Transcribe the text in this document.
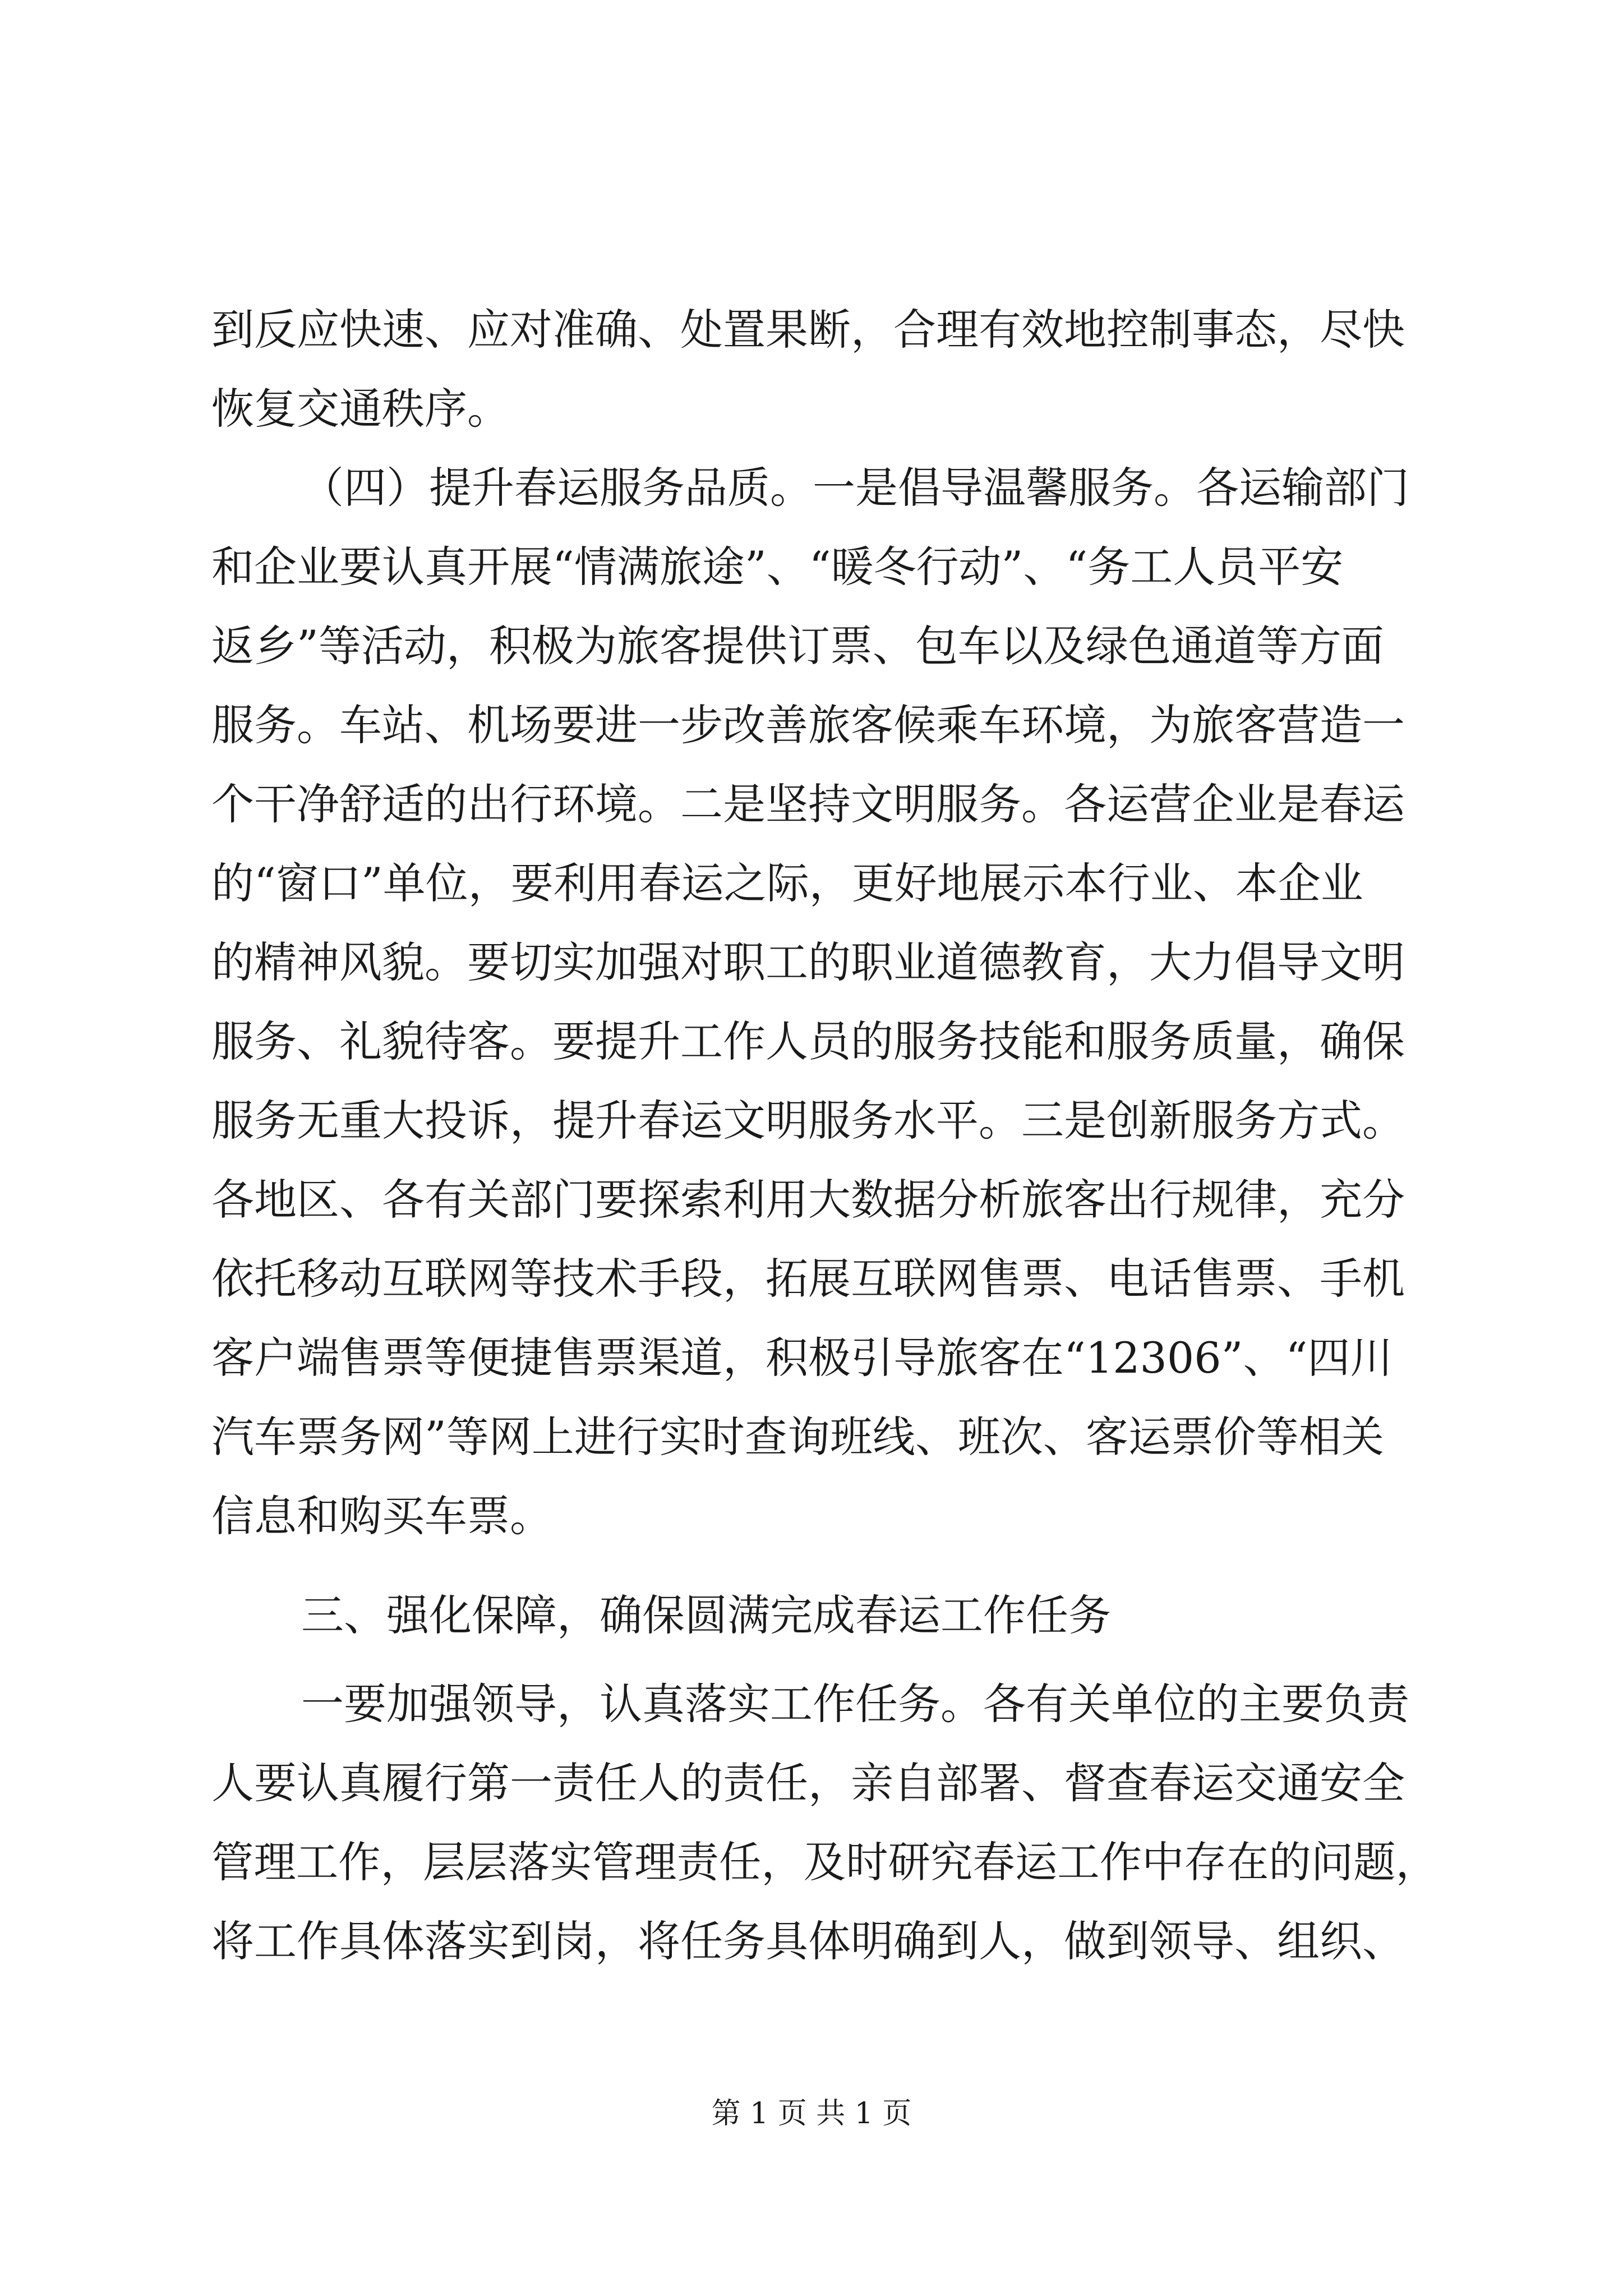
到反应快速、应对准确、处置果断，合理有效地控制事态，尽快

恢复交通秩序。

（四）提升春运服务品质。一是倡导温馨服务。各运输部门

和企业要认真开展“情满旅途”、“暖冬行动”、“务工人员平安

返乡”等活动，积极为旅客提供订票、包车以及绿色通道等方面

服务。车站、机场要进一步改善旅客候乘车环境，为旅客营造一

个干净舒适的出行环境。二是坚持文明服务。各运营企业是春运

的“窗口”单位，要利用春运之际，更好地展示本行业、本企业

的精神风貌。要切实加强对职工的职业道德教育，大力倡导文明

服务、礼貌待客。要提升工作人员的服务技能和服务质量，确保

服务无重大投诉，提升春运文明服务水平。三是创新服务方式。

各地区、各有关部门要探索利用大数据分析旅客出行规律，充分

依托移动互联网等技术手段，拓展互联网售票、电话售票、手机

客户端售票等便捷售票渠道，积极引导旅客在“12306”、“四川

汽车票务网”等网上进行实时查询班线、班次、客运票价等相关

信息和购买车票。

三、强化保障，确保圆满完成春运工作任务

一要加强领导，认真落实工作任务。各有关单位的主要负责

人要认真履行第一责任人的责任，亲自部署、督查春运交通安全

管理工作，层层落实管理责任，及时研究春运工作中存在的问题，

将工作具体落实到岗，将任务具体明确到人，做到领导、组织、

第 1 页 共 1 页
